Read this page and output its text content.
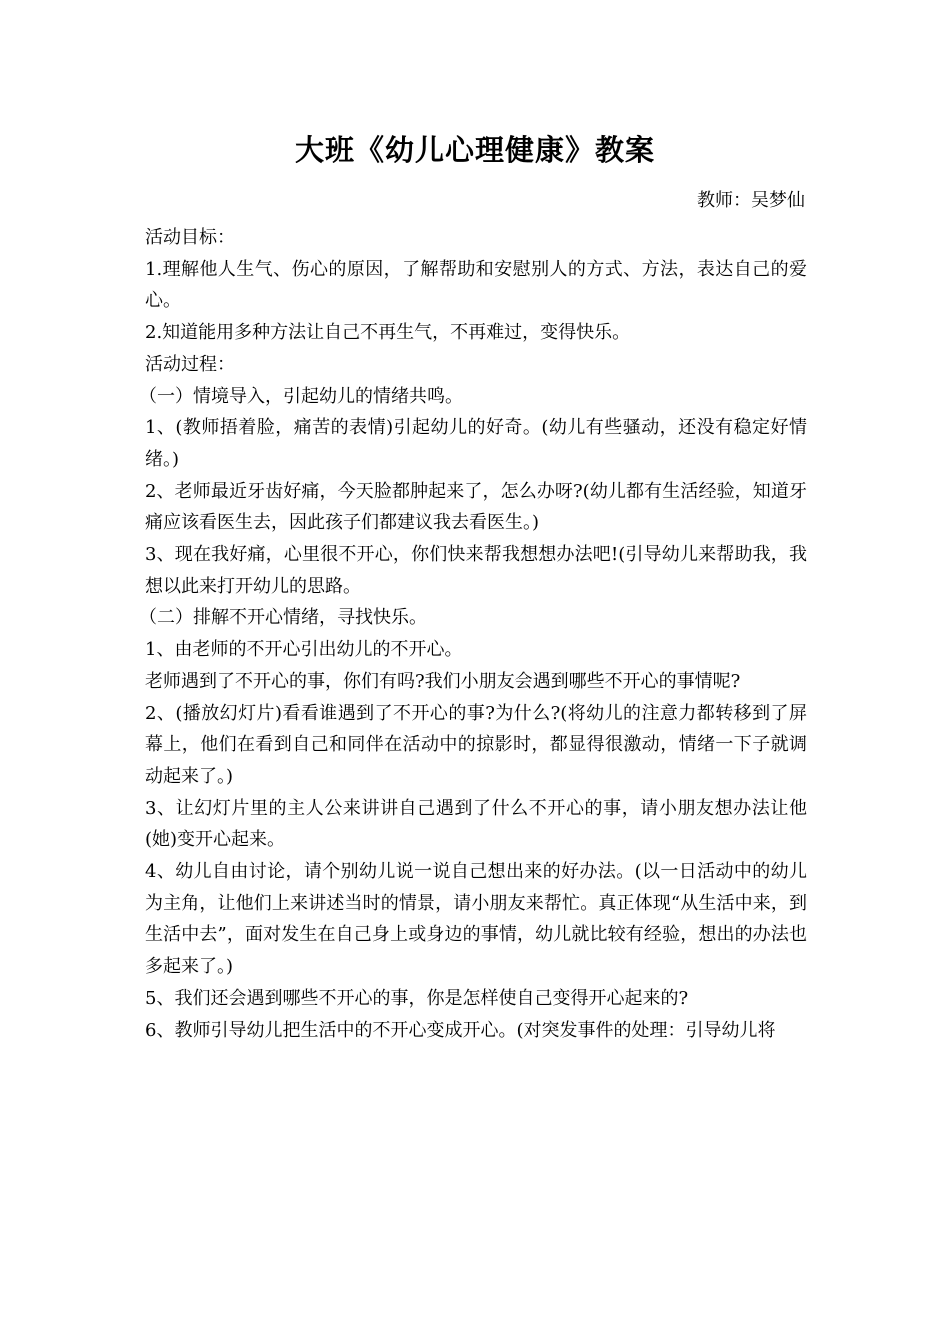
大班《幼儿心理健康》教案
教师：吴梦仙

活动目标：

1.理解他人生气、伤心的原因，了解帮助和安慰别人的方式、方法，表达自己的爱心。

2.知道能用多种方法让自己不再生气，不再难过，变得快乐。

活动过程：

（一）情境导入，引起幼儿的情绪共鸣。

1、(教师捂着脸，痛苦的表情)引起幼儿的好奇。(幼儿有些骚动，还没有稳定好情绪。)

2、老师最近牙齿好痛，今天脸都肿起来了，怎么办呀?(幼儿都有生活经验，知道牙痛应该看医生去，因此孩子们都建议我去看医生。)

3、现在我好痛，心里很不开心，你们快来帮我想想办法吧!(引导幼儿来帮助我，我想以此来打开幼儿的思路。

（二）排解不开心情绪，寻找快乐。

1、由老师的不开心引出幼儿的不开心。

老师遇到了不开心的事，你们有吗?我们小朋友会遇到哪些不开心的事情呢?

2、(播放幻灯片)看看谁遇到了不开心的事?为什么?(将幼儿的注意力都转移到了屏幕上，他们在看到自己和同伴在活动中的掠影时，都显得很激动，情绪一下子就调动起来了。)

3、让幻灯片里的主人公来讲讲自己遇到了什么不开心的事，请小朋友想办法让他(她)变开心起来。

4、幼儿自由讨论，请个别幼儿说一说自己想出来的好办法。(以一日活动中的幼儿为主角，让他们上来讲述当时的情景，请小朋友来帮忙。真正体现“从生活中来，到生活中去”，面对发生在自己身上或身边的事情，幼儿就比较有经验，想出的办法也多起来了。)

5、我们还会遇到哪些不开心的事，你是怎样使自己变得开心起来的?

6、教师引导幼儿把生活中的不开心变成开心。(对突发事件的处理：引导幼儿将
